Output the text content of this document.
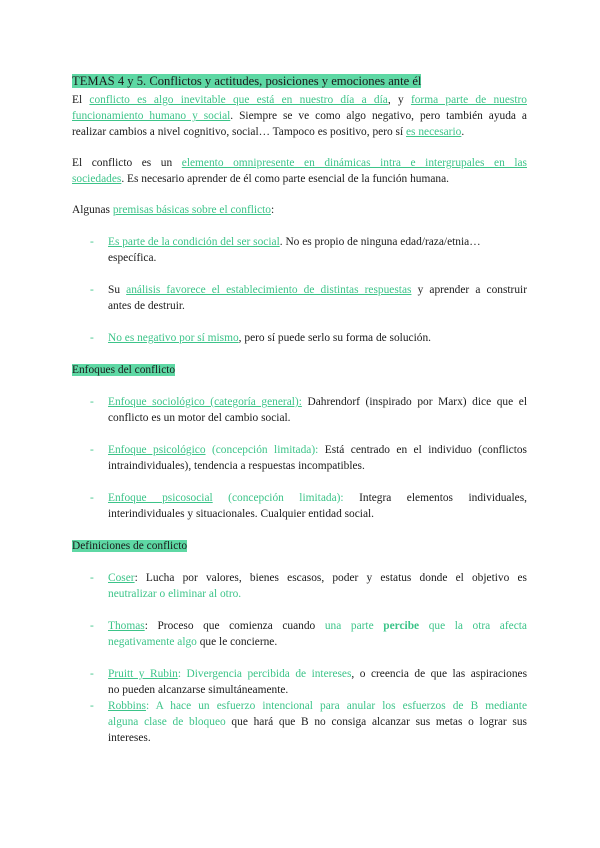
TEMAS 4 y 5. Conflictos y actitudes, posiciones y emociones ante él
El conflicto es algo inevitable que está en nuestro día a día, y forma parte de nuestro
funcionamiento humano y social. Siempre se ve como algo negativo, pero también ayuda a
realizar cambios a nivel cognitivo, social… Tampoco es positivo, pero sí es necesario.
El conflicto es un elemento omnipresente en dinámicas intra e intergrupales en las
sociedades. Es necesario aprender de él como parte esencial de la función humana.
Algunas premisas básicas sobre el conflicto:
- Es parte de la condición del ser social. No es propio de ninguna edad/raza/etnia…
específica.
- Su análisis favorece el establecimiento de distintas respuestas y aprender a construir
antes de destruir.
- No es negativo por sí mismo, pero sí puede serlo su forma de solución.
Enfoques del conflicto
- Enfoque sociológico (categoría general): Dahrendorf (inspirado por Marx) dice que el
conflicto es un motor del cambio social.
- Enfoque psicológico (concepción limitada): Está centrado en el individuo (conflictos
intraindividuales), tendencia a respuestas incompatibles.
- Enfoque psicosocial (concepción limitada): Integra elementos individuales,
interindividuales y situacionales. Cualquier entidad social.
Definiciones de conflicto
- Coser: Lucha por valores, bienes escasos, poder y estatus donde el objetivo es
neutralizar o eliminar al otro.
- Thomas: Proceso que comienza cuando una parte percibe que la otra afecta
negativamente algo que le concierne.
- Pruitt y Rubin: Divergencia percibida de intereses, o creencia de que las aspiraciones
no pueden alcanzarse simultáneamente.
- Robbins: A hace un esfuerzo intencional para anular los esfuerzos de B mediante
alguna clase de bloqueo que hará que B no consiga alcanzar sus metas o lograr sus
intereses.
